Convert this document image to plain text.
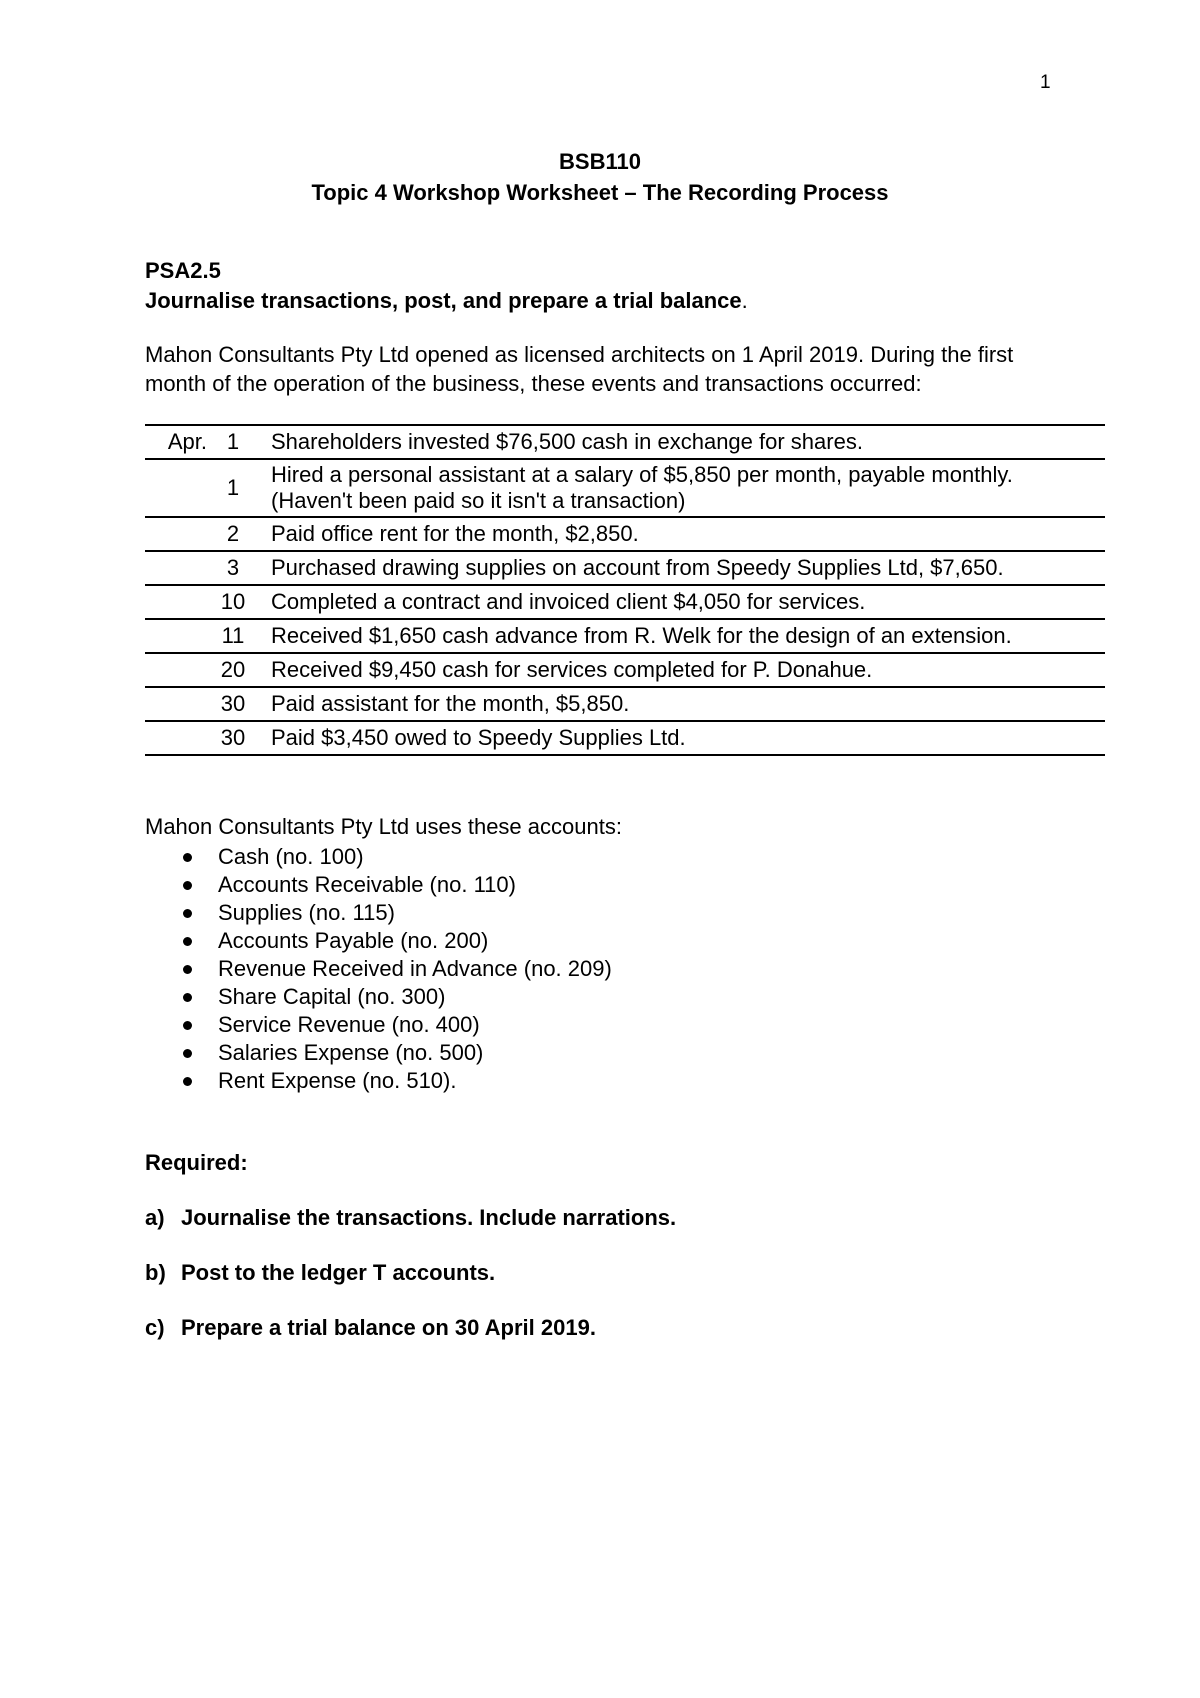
1
BSB110
Topic 4 Workshop Worksheet – The Recording Process
PSA2.5
Journalise transactions, post, and prepare a trial balance.
Mahon Consultants Pty Ltd opened as licensed architects on 1 April 2019. During the first month of the operation of the business, these events and transactions occurred:
Apr.	1	Shareholders invested $76,500 cash in exchange for shares.
	1	Hired a personal assistant at a salary of $5,850 per month, payable monthly.
(Haven't been paid so it isn't a transaction)

	2	Paid office rent for the month, $2,850.
	3	Purchased drawing supplies on account from Speedy Supplies Ltd, $7,650.
	10	Completed a contract and invoiced client $4,050 for services.
	11	Received $1,650 cash advance from R. Welk for the design of an extension.
	20	Received $9,450 cash for services completed for P. Donahue.
	30	Paid assistant for the month, $5,850.
	30	Paid $3,450 owed to Speedy Supplies Ltd.
Mahon Consultants Pty Ltd uses these accounts:
Cash (no. 100)
Accounts Receivable (no. 110)
Supplies (no. 115)
Accounts Payable (no. 200)
Revenue Received in Advance (no. 209)
Share Capital (no. 300)
Service Revenue (no. 400)
Salaries Expense (no. 500)
Rent Expense (no. 510).
Required:
a) Journalise the transactions. Include narrations.
b) Post to the ledger T accounts.
c) Prepare a trial balance on 30 April 2019.
